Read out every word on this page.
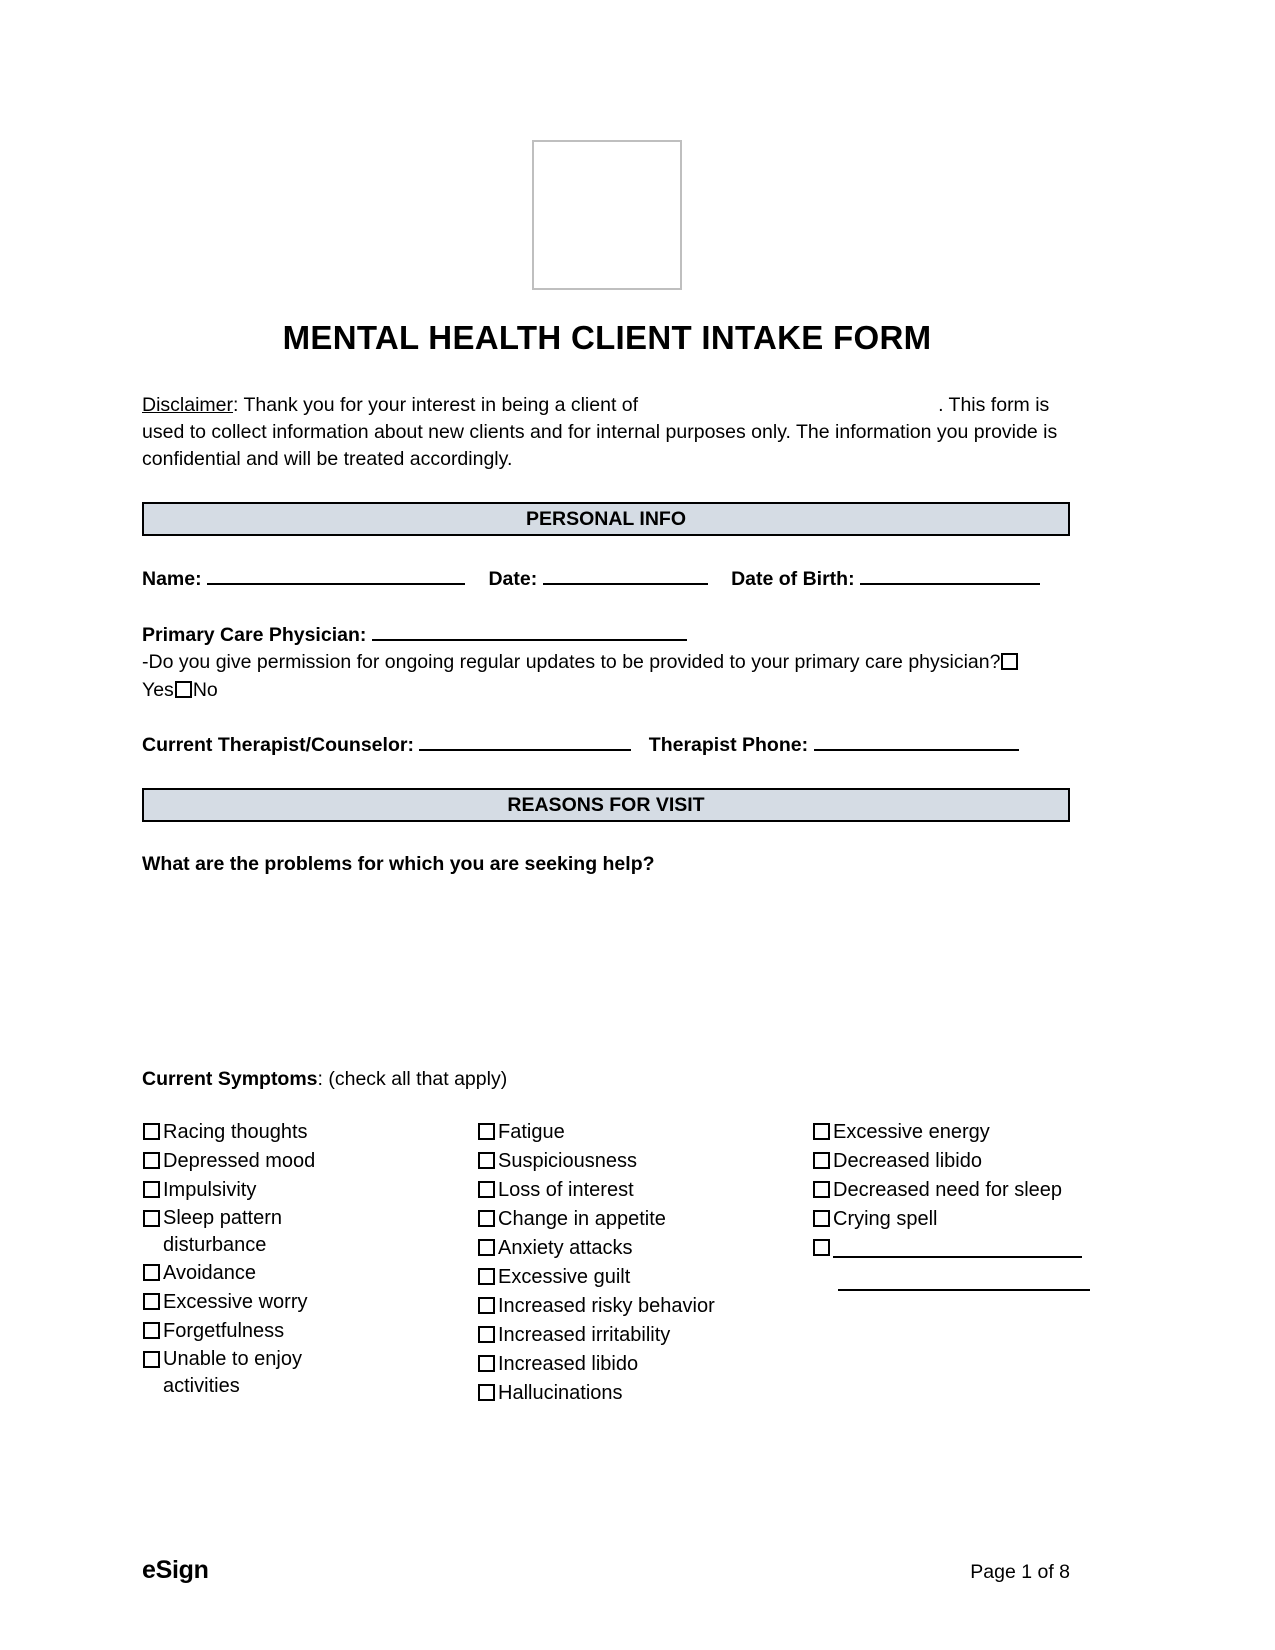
MENTAL HEALTH CLIENT INTAKE FORM
Disclaimer: Thank you for your interest in being a client of	. This form is used to collect information about new clients and for internal purposes only. The information you provide is confidential and will be treated accordingly.
PERSONAL INFO
Name:	Date:	Date of Birth:
Primary Care Physician:
-Do you give permission for ongoing regular updates to be provided to your primary care physician?Yes No
Current Therapist/Counselor:	Therapist Phone:
REASONS FOR VISIT
What are the problems for which you are seeking help?
Current Symptoms: (check all that apply)
Racing thoughts
Depressed mood
Impulsivity
Sleep pattern disturbance
Avoidance
Excessive worry
Forgetfulness
Unable to enjoy activities
Fatigue
Suspiciousness
Loss of interest
Change in appetite
Anxiety attacks
Excessive guilt
Increased risky behavior
Increased irritability
Increased libido
Hallucinations
Excessive energy
Decreased libido
Decreased need for sleep
Crying spell
eSign	Page 1 of 8
